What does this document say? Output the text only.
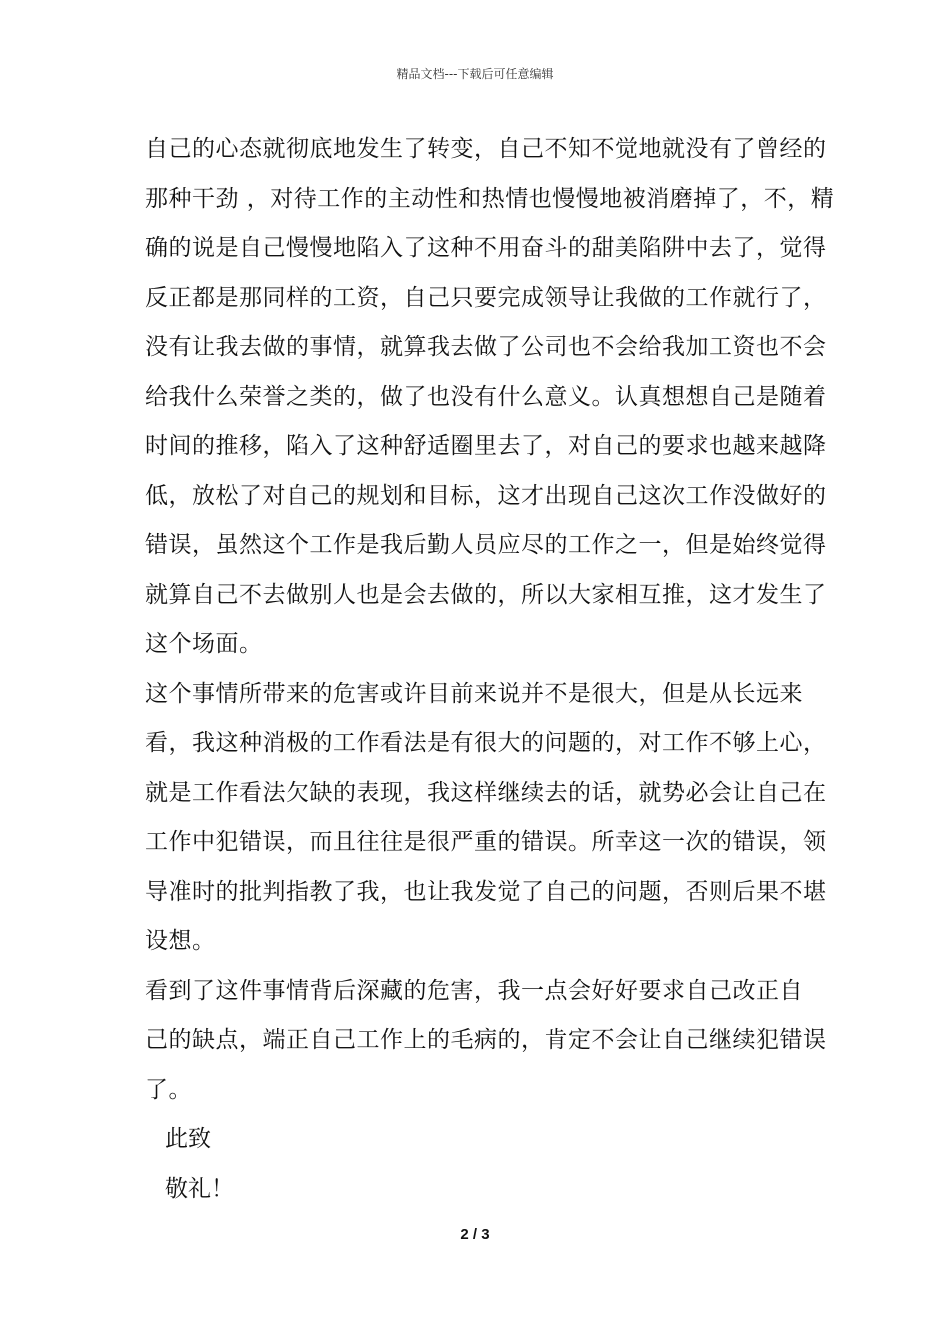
精品文档---下载后可任意编辑

自己的心态就彻底地发生了转变，自己不知不觉地就没有了曾经的
那种干劲 ，对待工作的主动性和热情也慢慢地被消磨掉了，不，精
确的说是自己慢慢地陷入了这种不用奋斗的甜美陷阱中去了，觉得
反正都是那同样的工资，自己只要完成领导让我做的工作就行了，
没有让我去做的事情，就算我去做了公司也不会给我加工资也不会
给我什么荣誉之类的，做了也没有什么意义。认真想想自己是随着
时间的推移，陷入了这种舒适圈里去了，对自己的要求也越来越降
低，放松了对自己的规划和目标，这才出现自己这次工作没做好的
错误，虽然这个工作是我后勤人员应尽的工作之一，但是始终觉得
就算自己不去做别人也是会去做的，所以大家相互推，这才发生了
这个场面。

这个事情所带来的危害或许目前来说并不是很大，但是从长远来
看，我这种消极的工作看法是有很大的问题的，对工作不够上心，
就是工作看法欠缺的表现，我这样继续去的话，就势必会让自己在
工作中犯错误，而且往往是很严重的错误。所幸这一次的错误，领
导准时的批判指教了我，也让我发觉了自己的问题，否则后果不堪
设想。

看到了这件事情背后深藏的危害，我一点会好好要求自己改正自
己的缺点，端正自己工作上的毛病的，肯定不会让自己继续犯错误
了。

此致

敬礼！

2 / 3
